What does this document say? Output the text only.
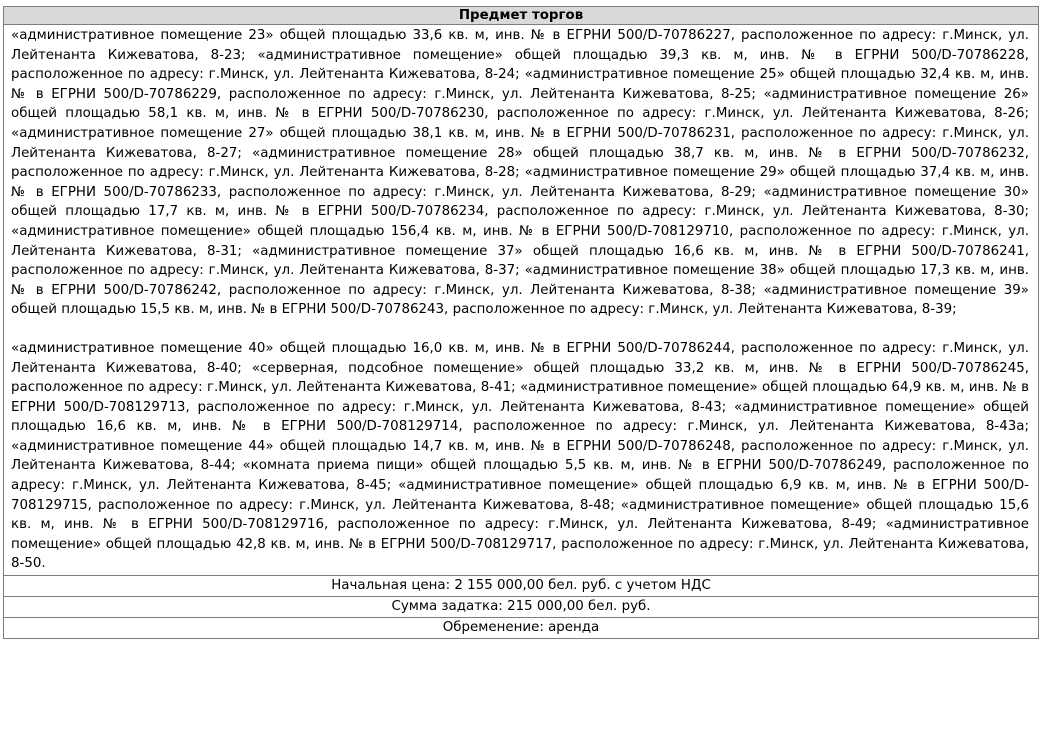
Предмет торгов

«административное помещение 23» общей площадью 33,6 кв. м, инв. № в ЕГРНИ 500/D-70786227, расположенное по адресу: г.Минск, ул. Лейтенанта Кижеватова, 8-23; «административное помещение» общей площадью 39,3 кв. м, инв. № в ЕГРНИ 500/D-70786228, расположенное по адресу: г.Минск, ул. Лейтенанта Кижеватова, 8-24; «административное помещение 25» общей площадью 32,4 кв. м, инв. № в ЕГРНИ 500/D-70786229, расположенное по адресу: г.Минск, ул. Лейтенанта Кижеватова, 8-25; «административное помещение 26» общей площадью 58,1 кв. м, инв. № в ЕГРНИ 500/D-70786230, расположенное по адресу: г.Минск, ул. Лейтенанта Кижеватова, 8-26; «административное помещение 27» общей площадью 38,1 кв. м, инв. № в ЕГРНИ 500/D-70786231, расположенное по адресу: г.Минск, ул. Лейтенанта Кижеватова, 8-27; «административное помещение 28» общей площадью 38,7 кв. м, инв. № в ЕГРНИ 500/D-70786232, расположенное по адресу: г.Минск, ул. Лейтенанта Кижеватова, 8-28; «административное помещение 29» общей площадью 37,4 кв. м, инв. № в ЕГРНИ 500/D-70786233, расположенное по адресу: г.Минск, ул. Лейтенанта Кижеватова, 8-29; «административное помещение 30» общей площадью 17,7 кв. м, инв. № в ЕГРНИ 500/D-70786234, расположенное по адресу: г.Минск, ул. Лейтенанта Кижеватова, 8-30; «административное помещение» общей площадью 156,4 кв. м, инв. № в ЕГРНИ 500/D-708129710, расположенное по адресу: г.Минск, ул. Лейтенанта Кижеватова, 8-31; «административное помещение 37» общей площадью 16,6 кв. м, инв. № в ЕГРНИ 500/D-70786241, расположенное по адресу: г.Минск, ул. Лейтенанта Кижеватова, 8-37; «административное помещение 38» общей площадью 17,3 кв. м, инв. № в ЕГРНИ 500/D-70786242, расположенное по адресу: г.Минск, ул. Лейтенанта Кижеватова, 8-38; «административное помещение 39» общей площадью 15,5 кв. м, инв. № в ЕГРНИ 500/D-70786243, расположенное по адресу: г.Минск, ул. Лейтенанта Кижеватова, 8-39;

«административное помещение 40» общей площадью 16,0 кв. м, инв. № в ЕГРНИ 500/D-70786244, расположенное по адресу: г.Минск, ул. Лейтенанта Кижеватова, 8-40; «серверная, подсобное помещение» общей площадью 33,2 кв. м, инв. № в ЕГРНИ 500/D-70786245, расположенное по адресу: г.Минск, ул. Лейтенанта Кижеватова, 8-41; «административное помещение» общей площадью 64,9 кв. м, инв. № в ЕГРНИ 500/D-708129713, расположенное по адресу: г.Минск, ул. Лейтенанта Кижеватова, 8-43; «административное помещение» общей площадью 16,6 кв. м, инв. № в ЕГРНИ 500/D-708129714, расположенное по адресу: г.Минск, ул. Лейтенанта Кижеватова, 8-43а; «административное помещение 44» общей площадью 14,7 кв. м, инв. № в ЕГРНИ 500/D-70786248, расположенное по адресу: г.Минск, ул. Лейтенанта Кижеватова, 8-44; «комната приема пищи» общей площадью 5,5 кв. м, инв. № в ЕГРНИ 500/D-70786249, расположенное по адресу: г.Минск, ул. Лейтенанта Кижеватова, 8-45; «административное помещение» общей площадью 6,9 кв. м, инв. № в ЕГРНИ 500/D-708129715, расположенное по адресу: г.Минск, ул. Лейтенанта Кижеватова, 8-48; «административное помещение» общей площадью 15,6 кв. м, инв. № в ЕГРНИ 500/D-708129716, расположенное по адресу: г.Минск, ул. Лейтенанта Кижеватова, 8-49; «административное помещение» общей площадью 42,8 кв. м, инв. № в ЕГРНИ 500/D-708129717, расположенное по адресу: г.Минск, ул. Лейтенанта Кижеватова, 8-50.

Начальная цена: 2 155 000,00 бел. руб. с учетом НДС
Сумма задатка: 215 000,00 бел. руб.
Обременение: аренда
